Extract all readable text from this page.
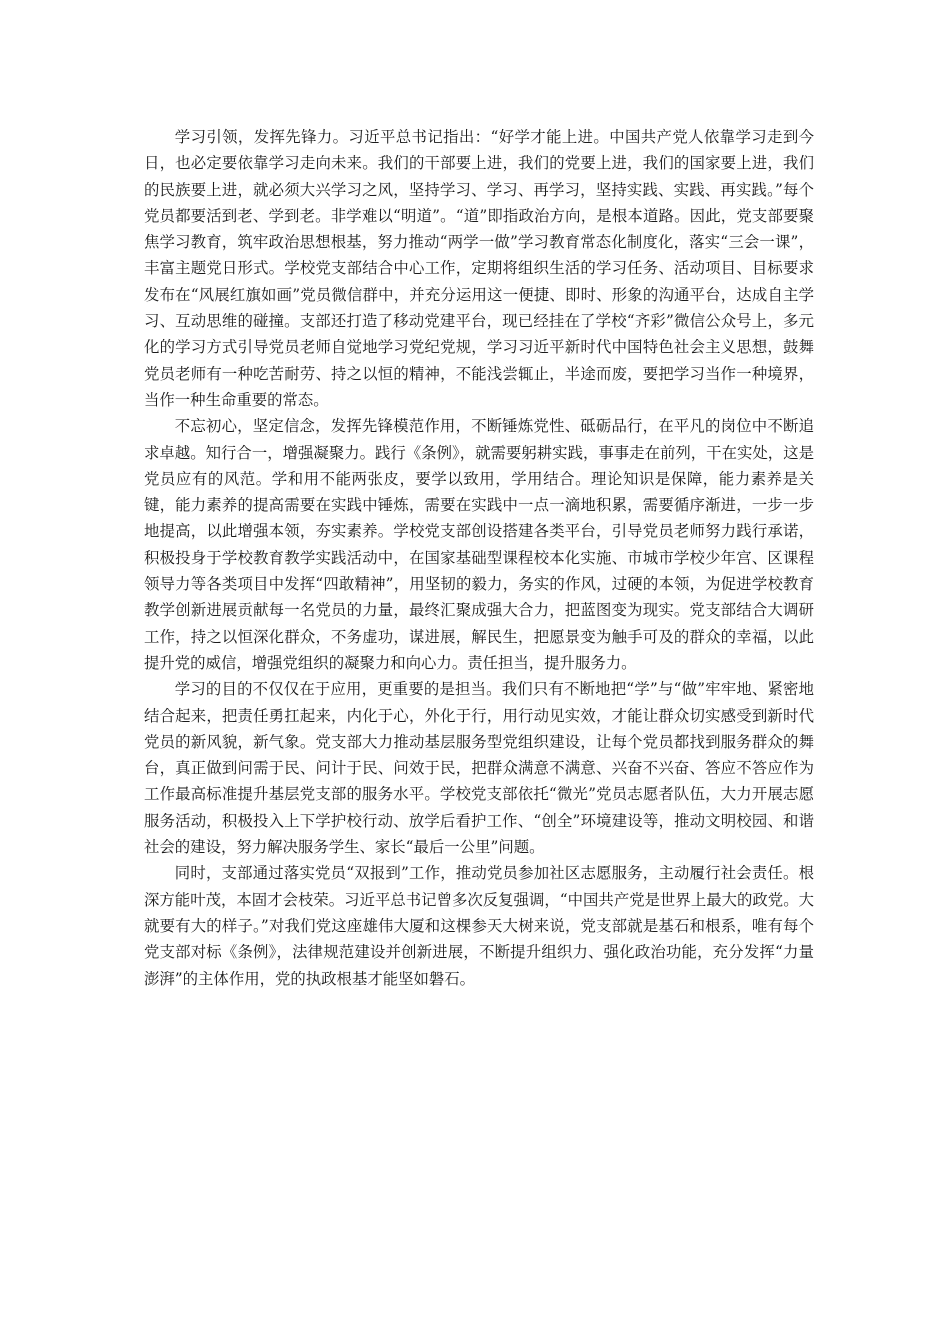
学习引领，发挥先锋力。习近平总书记指出：“好学才能上进。中国共产党人依靠学习走到今日，也必定要依靠学习走向未来。我们的干部要上进，我们的党要上进，我们的国家要上进，我们的民族要上进，就必须大兴学习之风，坚持学习、学习、再学习，坚持实践、实践、再实践。”每个党员都要活到老、学到老。非学难以“明道”。“道”即指政治方向，是根本道路。因此，党支部要聚焦学习教育，筑牢政治思想根基，努力推动“两学一做”学习教育常态化制度化，落实“三会一课”，丰富主题党日形式。学校党支部结合中心工作，定期将组织生活的学习任务、活动项目、目标要求发布在“风展红旗如画”党员微信群中，并充分运用这一便捷、即时、形象的沟通平台，达成自主学习、互动思维的碰撞。支部还打造了移动党建平台，现已经挂在了学校“齐彩”微信公众号上，多元化的学习方式引导党员老师自觉地学习党纪党规，学习习近平新时代中国特色社会主义思想，鼓舞党员老师有一种吃苦耐劳、持之以恒的精神，不能浅尝辄止，半途而废，要把学习当作一种境界，当作一种生命重要的常态。

不忘初心，坚定信念，发挥先锋模范作用，不断锤炼党性、砥砺品行，在平凡的岗位中不断追求卓越。知行合一，增强凝聚力。践行《条例》，就需要躬耕实践，事事走在前列，干在实处，这是党员应有的风范。学和用不能两张皮，要学以致用，学用结合。理论知识是保障，能力素养是关键，能力素养的提高需要在实践中锤炼，需要在实践中一点一滴地积累，需要循序渐进，一步一步地提高，以此增强本领，夯实素养。学校党支部创设搭建各类平台，引导党员老师努力践行承诺，积极投身于学校教育教学实践活动中，在国家基础型课程校本化实施、市城市学校少年宫、区课程领导力等各类项目中发挥“四敢精神”，用坚韧的毅力，务实的作风，过硬的本领，为促进学校教育教学创新进展贡献每一名党员的力量，最终汇聚成强大合力，把蓝图变为现实。党支部结合大调研工作，持之以恒深化群众，不务虚功，谋进展，解民生，把愿景变为触手可及的群众的幸福，以此提升党的威信，增强党组织的凝聚力和向心力。责任担当，提升服务力。

学习的目的不仅仅在于应用，更重要的是担当。我们只有不断地把“学”与“做”牢牢地、紧密地结合起来，把责任勇扛起来，内化于心，外化于行，用行动见实效，才能让群众切实感受到新时代党员的新风貌，新气象。党支部大力推动基层服务型党组织建设，让每个党员都找到服务群众的舞台，真正做到问需于民、问计于民、问效于民，把群众满意不满意、兴奋不兴奋、答应不答应作为工作最高标准提升基层党支部的服务水平。学校党支部依托“微光”党员志愿者队伍，大力开展志愿服务活动，积极投入上下学护校行动、放学后看护工作、“创全”环境建设等，推动文明校园、和谐社会的建设，努力解决服务学生、家长“最后一公里”问题。

同时，支部通过落实党员“双报到”工作，推动党员参加社区志愿服务，主动履行社会责任。根深方能叶茂，本固才会枝荣。习近平总书记曾多次反复强调，“中国共产党是世界上最大的政党。大就要有大的样子。”对我们党这座雄伟大厦和这棵参天大树来说，党支部就是基石和根系，唯有每个党支部对标《条例》，法律规范建设并创新进展，不断提升组织力、强化政治功能，充分发挥“力量澎湃”的主体作用，党的执政根基才能坚如磐石。
